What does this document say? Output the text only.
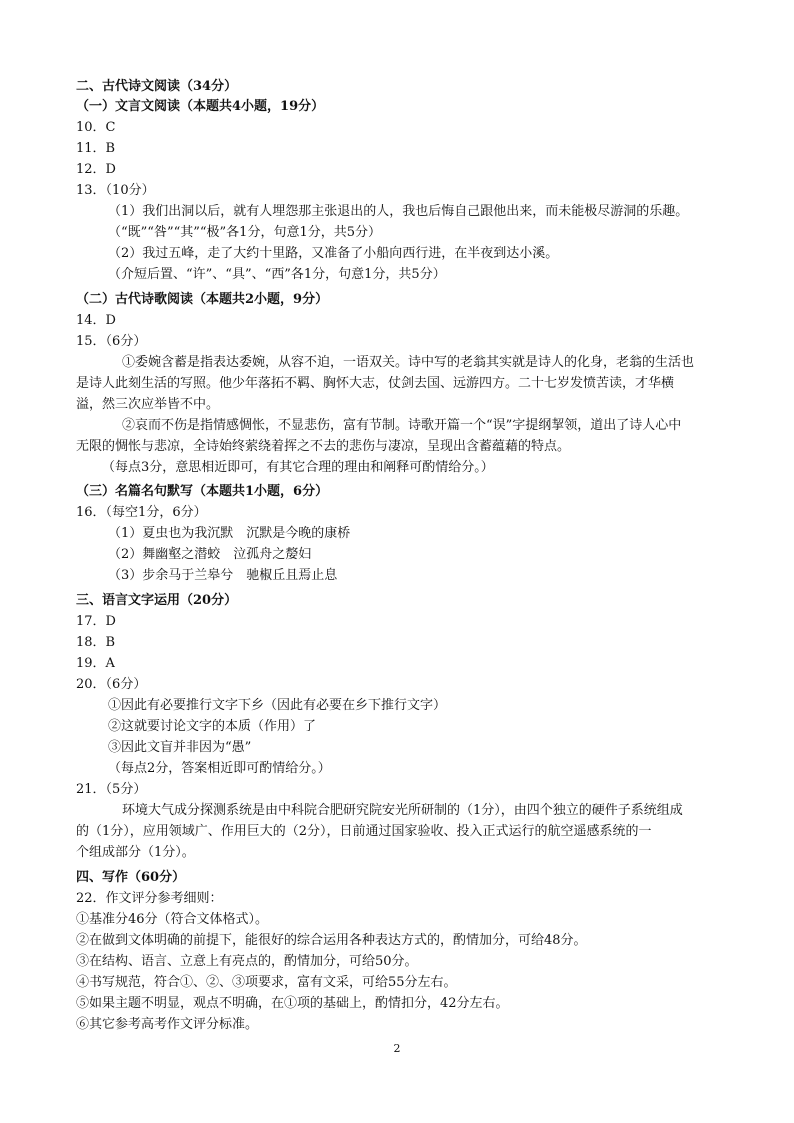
二、古代诗文阅读（34分）
（一）文言文阅读（本题共4小题，19分）
10．C
11．B
12．D
13．（10分）
（1）我们出洞以后，就有人埋怨那主张退出的人，我也后悔自己跟他出来，而未能极尽游洞的乐趣。
（“既”“咎”“其”“极”各1分，句意1分，共5分）
（2）我过五峰，走了大约十里路，又准备了小船向西行进，在半夜到达小溪。
（介短后置、“许”、“具”、“西”各1分，句意1分，共5分）
（二）古代诗歌阅读（本题共2小题，9分）
14．D
15．（6分）
①委婉含蓄是指表达委婉，从容不迫，一语双关。诗中写的老翁其实就是诗人的化身，老翁的生活也
是诗人此刻生活的写照。他少年落拓不羁、胸怀大志，仗剑去国、远游四方。二十七岁发愤苦读，才华横
溢，然三次应举皆不中。
②哀而不伤是指情感惆怅，不显悲伤，富有节制。诗歌开篇一个“误”字提纲挈领，道出了诗人心中
无限的惆怅与悲凉，全诗始终萦绕着挥之不去的悲伤与凄凉，呈现出含蓄蕴藉的特点。
（每点3分，意思相近即可，有其它合理的理由和阐释可酌情给分。）
（三）名篇名句默写（本题共1小题，6分）
16．（每空1分，6分）
（1）夏虫也为我沉默　沉默是今晚的康桥
（2）舞幽壑之潜蛟　泣孤舟之嫠妇
（3）步余马于兰皋兮　驰椒丘且焉止息
三、语言文字运用（20分）
17．D
18．B
19．A
20．（6分）
①因此有必要推行文字下乡（因此有必要在乡下推行文字）
②这就要讨论文字的本质（作用）了
③因此文盲并非因为“愚”
（每点2分，答案相近即可酌情给分。）
21．（5分）
环境大气成分探测系统是由中科院合肥研究院安光所研制的（1分），由四个独立的硬件子系统组成
的（1分），应用领域广、作用巨大的（2分），日前通过国家验收、投入正式运行的航空遥感系统的一
个组成部分（1分）。
四、写作（60分）
22．作文评分参考细则：
①基准分46分（符合文体格式）。
②在做到文体明确的前提下，能很好的综合运用各种表达方式的，酌情加分，可给48分。
③在结构、语言、立意上有亮点的，酌情加分，可给50分。
④书写规范，符合①、②、③项要求，富有文采，可给55分左右。
⑤如果主题不明显，观点不明确，在①项的基础上，酌情扣分，42分左右。
⑥其它参考高考作文评分标准。
2
